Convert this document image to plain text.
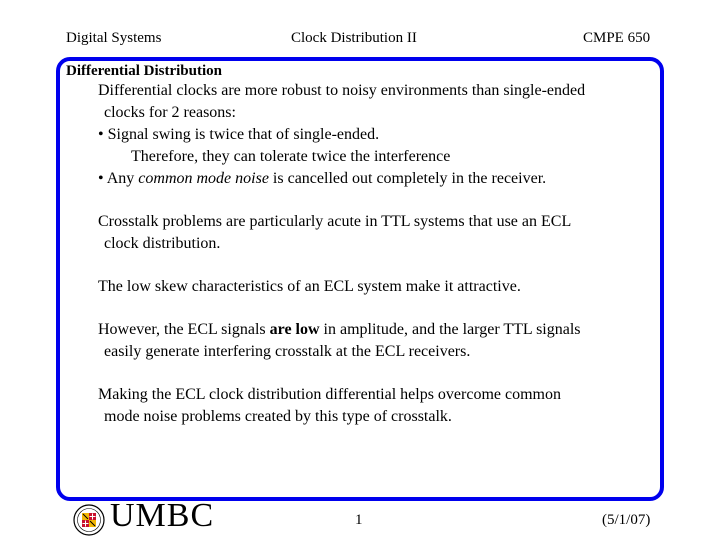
Digital Systems	Clock Distribution II	CMPE 650
Differential Distribution

Differential clocks are more robust to noisy environments than single-ended

clocks for 2 reasons:

• Signal swing is twice that of single-ended.

Therefore, they can tolerate twice the interference

• Any common mode noise is cancelled out completely in the receiver.

Crosstalk problems are particularly acute in TTL systems that use an ECL

clock distribution.

The low skew characteristics of an ECL system make it attractive.

However, the ECL signals are low in amplitude, and the larger TTL signals

easily generate interfering crosstalk at the ECL receivers.

Making the ECL clock distribution differential helps overcome common

mode noise problems created by this type of crosstalk.

UMBC	1	(5/1/07)
